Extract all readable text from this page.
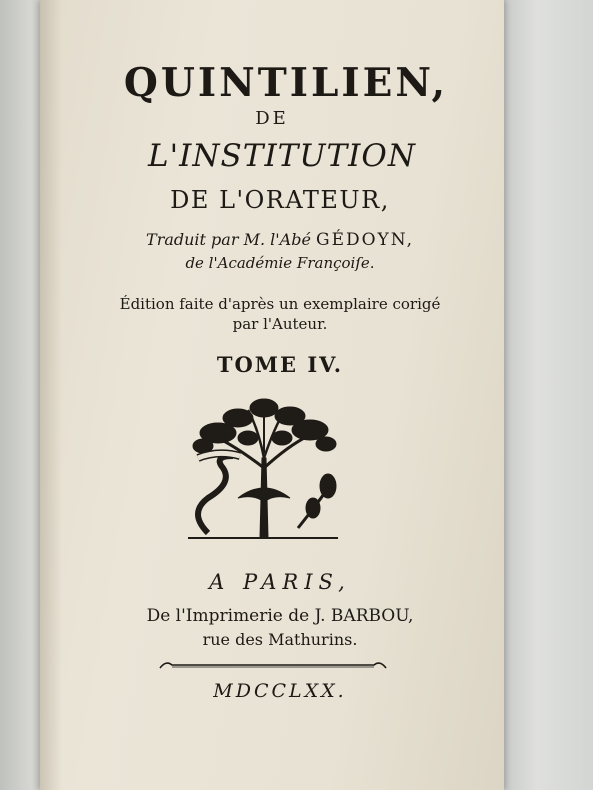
QUINTILIEN,
DE
L'INSTITUTION
DE L'ORATEUR,
Traduit par M. l'Abé GÉDOYN,
de l'Académie Françoiſe.
Édition faite d'après un exemplaire corigé
par l'Auteur.
TOME IV.
A PARIS,
De l'Imprimerie de J. BARBOU,
rue des Mathurins.
MDCCLXX.
